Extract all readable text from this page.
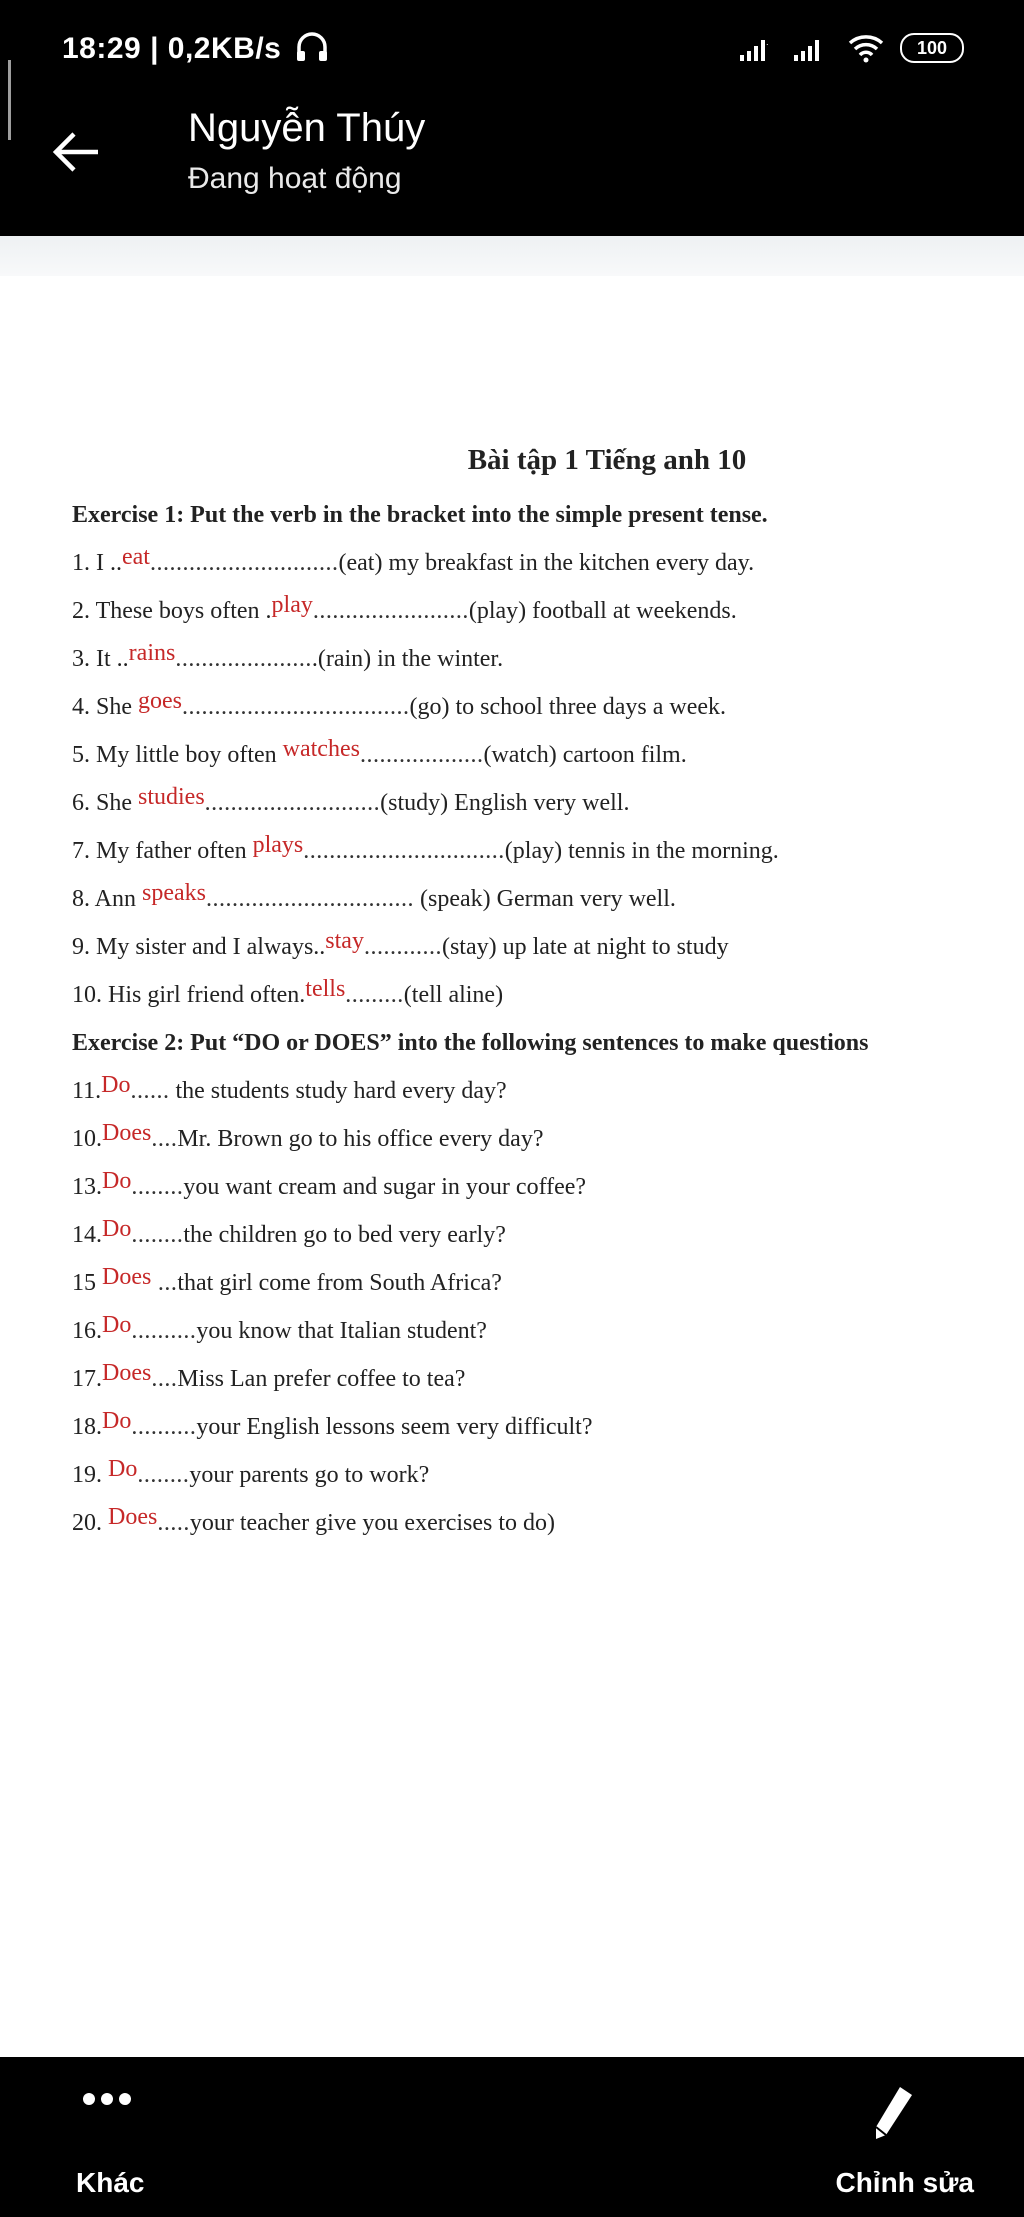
18:29 | 0,2KB/s	.	100
Nguyễn Thúy
Đang hoạt động
Bài tập 1 Tiếng anh 10
Exercise 1: Put the verb in the bracket into the simple present tense.
1. I ..eat.............................(eat) my breakfast in the kitchen every day.
2. These boys often .play........................(play) football at weekends.
3. It ..rains......................(rain) in the winter.
4. She goes...................................(go) to school three days a week.
5. My little boy often watches...................(watch) cartoon film.
6. She studies...........................(study) English very well.
7. My father often plays...............................(play) tennis in the morning.
8. Ann speaks................................ (speak) German very well.
9. My sister and I always..stay............(stay) up late at night to study
10. His girl friend often.tells.........(tell aline)
Exercise 2: Put “DO or DOES” into the following sentences to make questions
11.Do...... the students study hard every day?
10.Does....Mr. Brown go to his office every day?
13.Do........you want cream and sugar in your coffee?
14.Do........the children go to bed very early?
15 Does ...that girl come from South Africa?
16.Do..........you know that Italian student?
17.Does....Miss Lan prefer coffee to tea?
18.Do..........your English lessons seem very difficult?
19. Do........your parents go to work?
20. Does.....your teacher give you exercises to do)
Khác	Chỉnh sửa
